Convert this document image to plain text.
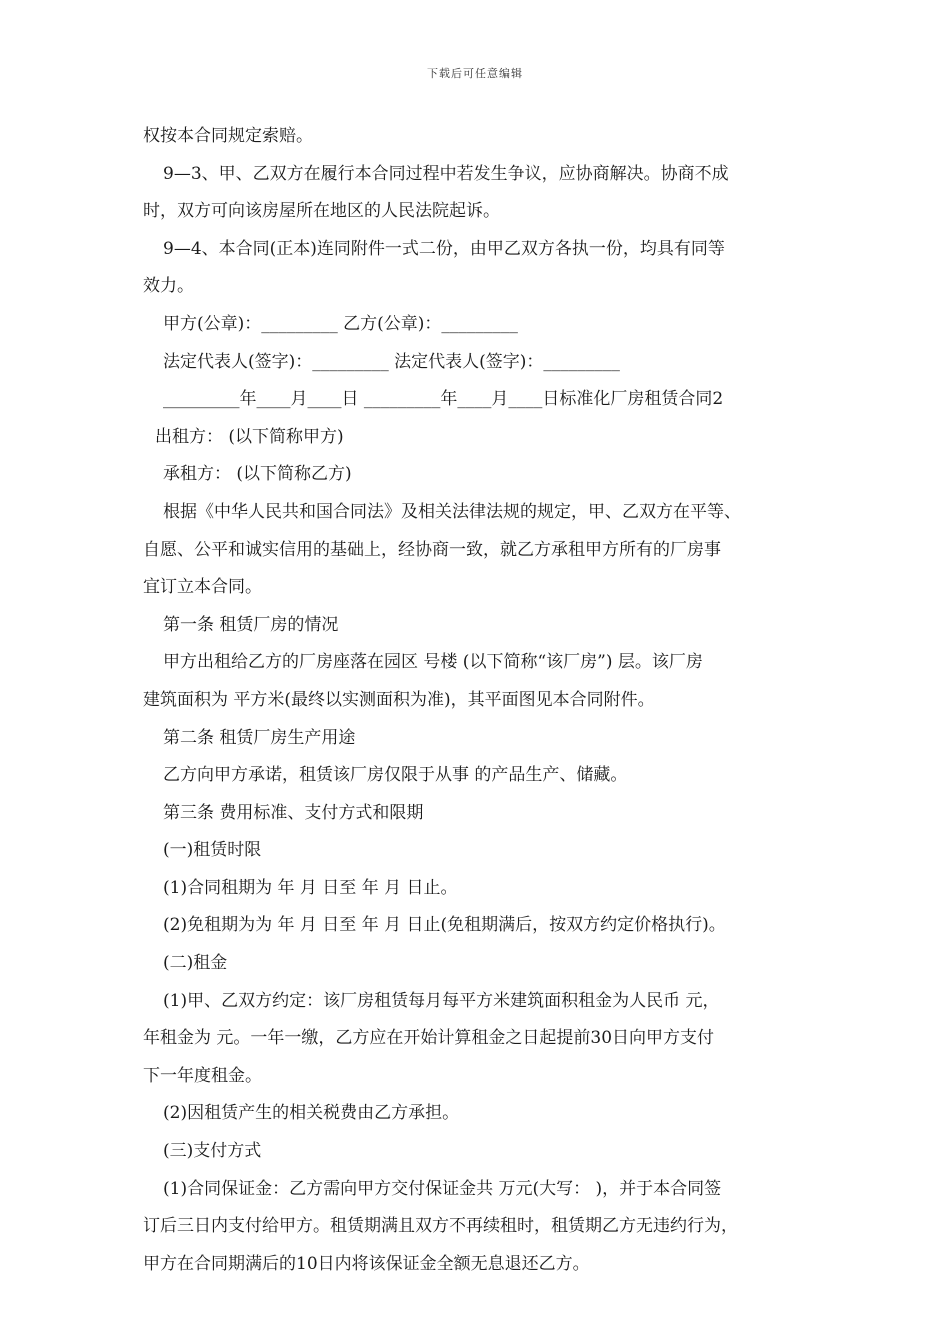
下载后可任意编辑
权按本合同规定索赔。
9—3、甲、乙双方在履行本合同过程中若发生争议，应协商解决。协商不成
时，双方可向该房屋所在地区的人民法院起诉。
9—4、本合同(正本)连同附件一式二份，由甲乙双方各执一份，均具有同等
效力。
甲方(公章)：_________ 乙方(公章)：_________
法定代表人(签字)：_________ 法定代表人(签字)：_________
_________年____月____日 _________年____月____日标准化厂房租赁合同2
出租方： (以下简称甲方)
承租方： (以下简称乙方)
根据《中华人民共和国合同法》及相关法律法规的规定，甲、乙双方在平等、
自愿、公平和诚实信用的基础上，经协商一致，就乙方承租甲方所有的厂房事
宜订立本合同。
第一条 租赁厂房的情况
甲方出租给乙方的厂房座落在园区 号楼 (以下简称“该厂房”) 层。该厂房
建筑面积为 平方米(最终以实测面积为准)，其平面图见本合同附件。
第二条 租赁厂房生产用途
乙方向甲方承诺，租赁该厂房仅限于从事 的产品生产、储藏。
第三条 费用标准、支付方式和限期
(一)租赁时限
(1)合同租期为 年 月 日至 年 月 日止。
(2)免租期为为 年 月 日至 年 月 日止(免租期满后，按双方约定价格执行)。
(二)租金
(1)甲、乙双方约定：该厂房租赁每月每平方米建筑面积租金为人民币 元，
年租金为 元。一年一缴，乙方应在开始计算租金之日起提前30日向甲方支付
下一年度租金。
(2)因租赁产生的相关税费由乙方承担。
(三)支付方式
(1)合同保证金：乙方需向甲方交付保证金共 万元(大写： )，并于本合同签
订后三日内支付给甲方。租赁期满且双方不再续租时，租赁期乙方无违约行为，
甲方在合同期满后的10日内将该保证金全额无息退还乙方。
